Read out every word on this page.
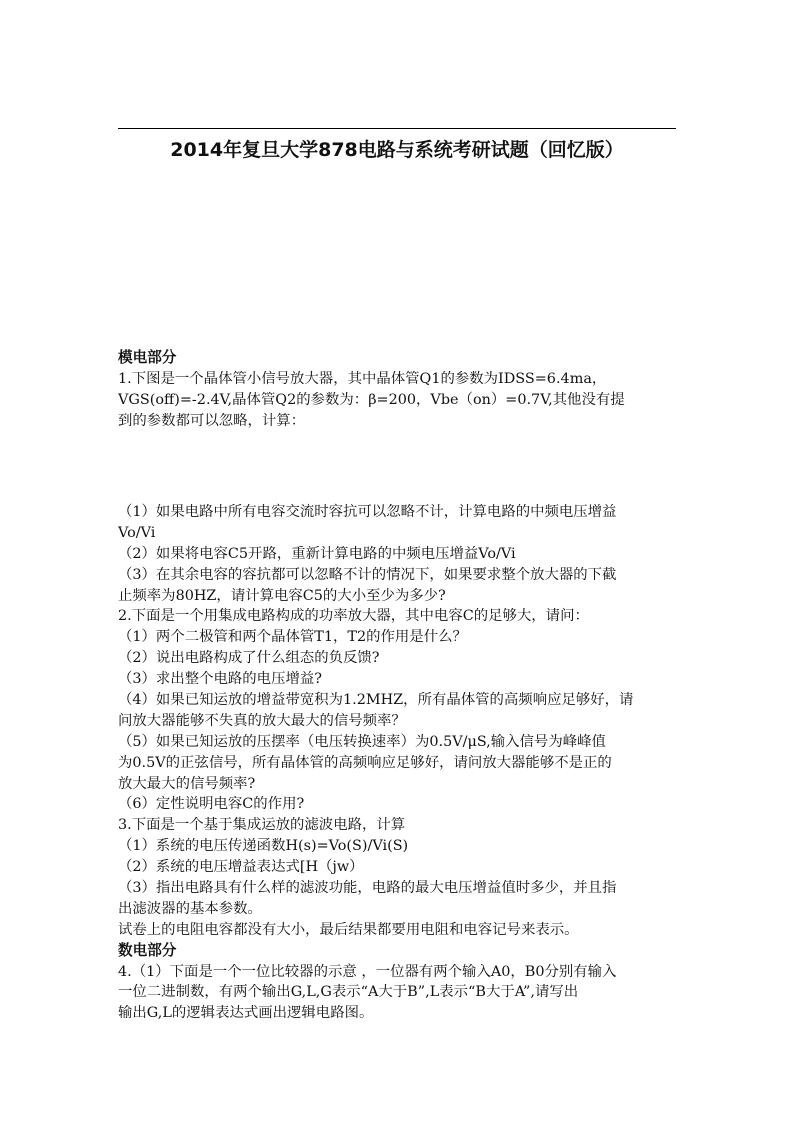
2014年复旦大学878电路与系统考研试题（回忆版）
模电部分
1.下图是一个晶体管小信号放大器，其中晶体管Q1的参数为IDSS=6.4ma，
VGS(off)=-2.4V,晶体管Q2的参数为：β=200，Vbe（on）=0.7V,其他没有提
到的参数都可以忽略，计算：
（1）如果电路中所有电容交流时容抗可以忽略不计，计算电路的中频电压增益
Vo/Vi
（2）如果将电容C5开路，重新计算电路的中频电压增益Vo/Vi
（3）在其余电容的容抗都可以忽略不计的情况下，如果要求整个放大器的下截
止频率为80HZ，请计算电容C5的大小至少为多少?
2.下面是一个用集成电路构成的功率放大器，其中电容C的足够大，请问：
（1）两个二极管和两个晶体管T1，T2的作用是什么？
（2）说出电路构成了什么组态的负反馈?
（3）求出整个电路的电压增益?
（4）如果已知运放的增益带宽积为1.2MHZ，所有晶体管的高频响应足够好，请
问放大器能够不失真的放大最大的信号频率？
（5）如果已知运放的压摆率（电压转换速率）为0.5V/μS,输入信号为峰峰值
为0.5V的正弦信号，所有晶体管的高频响应足够好，请问放大器能够不是正的
放大最大的信号频率?
（6）定性说明电容C的作用?
3.下面是一个基于集成运放的滤波电路，计算
（1）系统的电压传递函数H(s)=Vo(S)/Vi(S)
（2）系统的电压增益表达式[H（jw）
（3）指出电路具有什么样的滤波功能，电路的最大电压增益值时多少，并且指
出滤波器的基本参数。
试卷上的电阻电容都没有大小，最后结果都要用电阻和电容记号来表示。
数电部分
4.（1）下面是一个一位比较器的示意 ，一位器有两个输入A0，B0分别有输入
一位二进制数，有两个输出G,L,G表示“A大于B”,L表示“B大于A”,请写出
输出G,L的逻辑表达式画出逻辑电路图。
